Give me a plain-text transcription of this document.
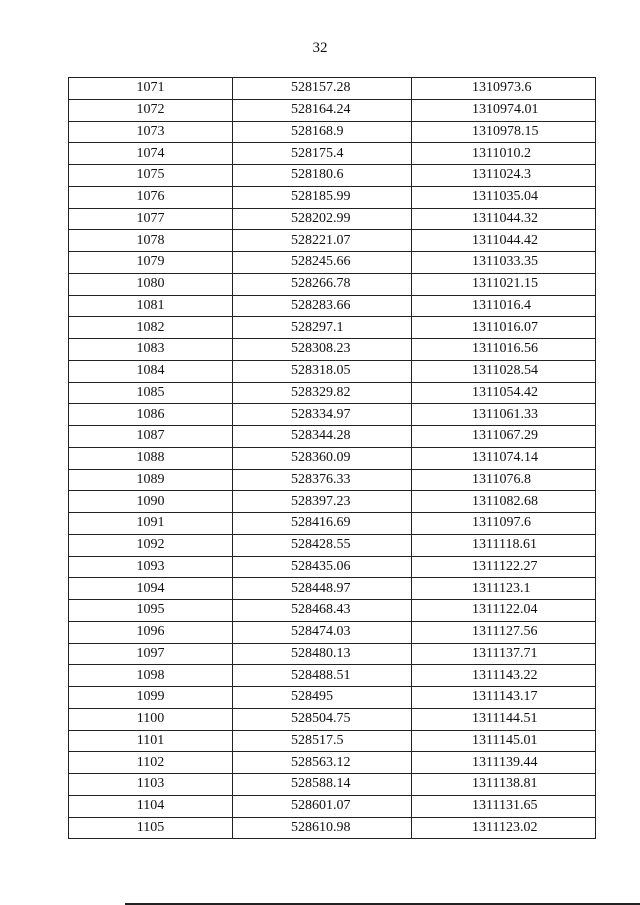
32
1071	528157.28	1310973.6
1072	528164.24	1310974.01
1073	528168.9	1310978.15
1074	528175.4	1311010.2
1075	528180.6	1311024.3
1076	528185.99	1311035.04
1077	528202.99	1311044.32
1078	528221.07	1311044.42
1079	528245.66	1311033.35
1080	528266.78	1311021.15
1081	528283.66	1311016.4
1082	528297.1	1311016.07
1083	528308.23	1311016.56
1084	528318.05	1311028.54
1085	528329.82	1311054.42
1086	528334.97	1311061.33
1087	528344.28	1311067.29
1088	528360.09	1311074.14
1089	528376.33	1311076.8
1090	528397.23	1311082.68
1091	528416.69	1311097.6
1092	528428.55	1311118.61
1093	528435.06	1311122.27
1094	528448.97	1311123.1
1095	528468.43	1311122.04
1096	528474.03	1311127.56
1097	528480.13	1311137.71
1098	528488.51	1311143.22
1099	528495	1311143.17
1100	528504.75	1311144.51
1101	528517.5	1311145.01
1102	528563.12	1311139.44
1103	528588.14	1311138.81
1104	528601.07	1311131.65
1105	528610.98	1311123.02
